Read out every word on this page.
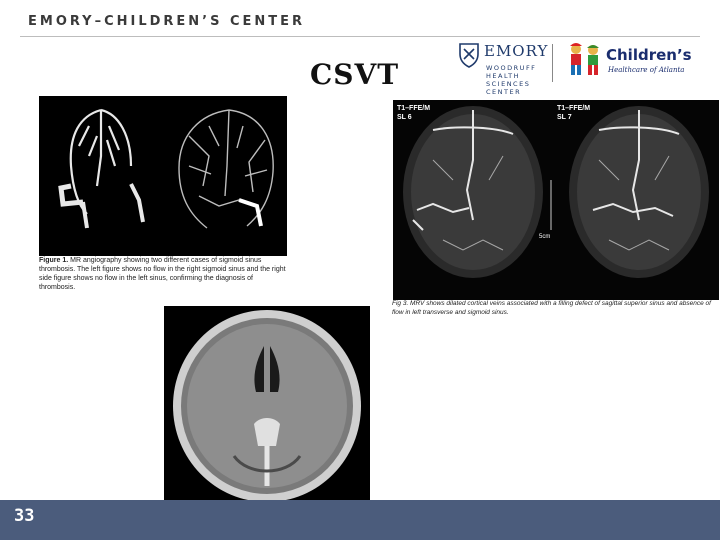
EMORY–CHILDREN’S CENTER
CSVT
EMORY
WOODRUFF
HEALTH
SCIENCES
CENTER
Children’s
Healthcare of Atlanta
Figure 1. MR angiography showing two different cases of sigmoid sinus thrombosis. The left figure shows no flow in the right sigmoid sinus and the right side figure shows no flow in the left sinus, confirming the diagnosis of thrombosis.
T1–FFE/M
SL 6
T1–FFE/M
SL 7
5cm
Fig 3. MRV shows dilated cortical veins associated with a filling defect of sagittal superior sinus and absence of flow in left transverse and sigmoid sinus.
33
